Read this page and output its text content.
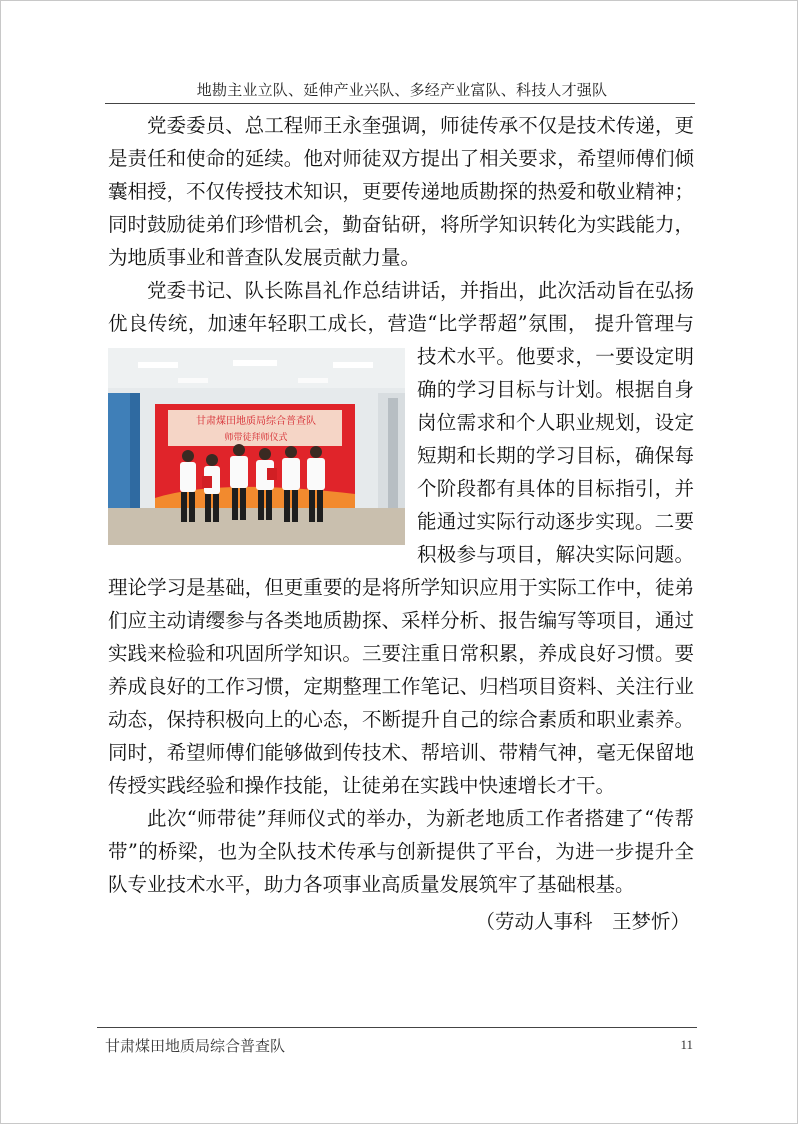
地勘主业立队、延伸产业兴队、多经产业富队、科技人才强队

党委委员、总工程师王永奎强调，师徒传承不仅是技术传递，更是责任和使命的延续。他对师徒双方提出了相关要求，希望师傅们倾囊相授，不仅传授技术知识，更要传递地质勘探的热爱和敬业精神；同时鼓励徒弟们珍惜机会，勤奋钻研，将所学知识转化为实践能力，为地质事业和普查队发展贡献力量。

党委书记、队长陈昌礼作总结讲话，并指出，此次活动旨在弘扬优良传统，加速年轻职工成长，营造“比学帮超”氛围，
甘肃煤田地质局综合普查队
师带徒拜师仪式
提升管理与技术水平。他要求，一要设定明确的学习目标与计划。根据自身岗位需求和个人职业规划，设定短期和长期的学习目标，确保每个阶段都有具体的目标指引，并能通过实际行动逐步实现。二要积极参与项目，解决实际问题。理论学习是基础，但更重要的是将所学知识应用于实际工作中，徒弟们应主动请缨参与各类地质勘探、采样分析、报告编写等项目，通过实践来检验和巩固所学知识。三要注重日常积累，养成良好习惯。要养成良好的工作习惯，定期整理工作笔记、归档项目资料、关注行业动态，保持积极向上的心态，不断提升自己的综合素质和职业素养。同时，希望师傅们能够做到传技术、帮培训、带精气神，毫无保留地传授实践经验和操作技能，让徒弟在实践中快速增长才干。

此次“师带徒”拜师仪式的举办，为新老地质工作者搭建了“传帮带”的桥梁，也为全队技术传承与创新提供了平台，为进一步提升全队专业技术水平，助力各项事业高质量发展筑牢了基础根基。

（劳动人事科　王梦忻）

甘肃煤田地质局综合普查队	11
